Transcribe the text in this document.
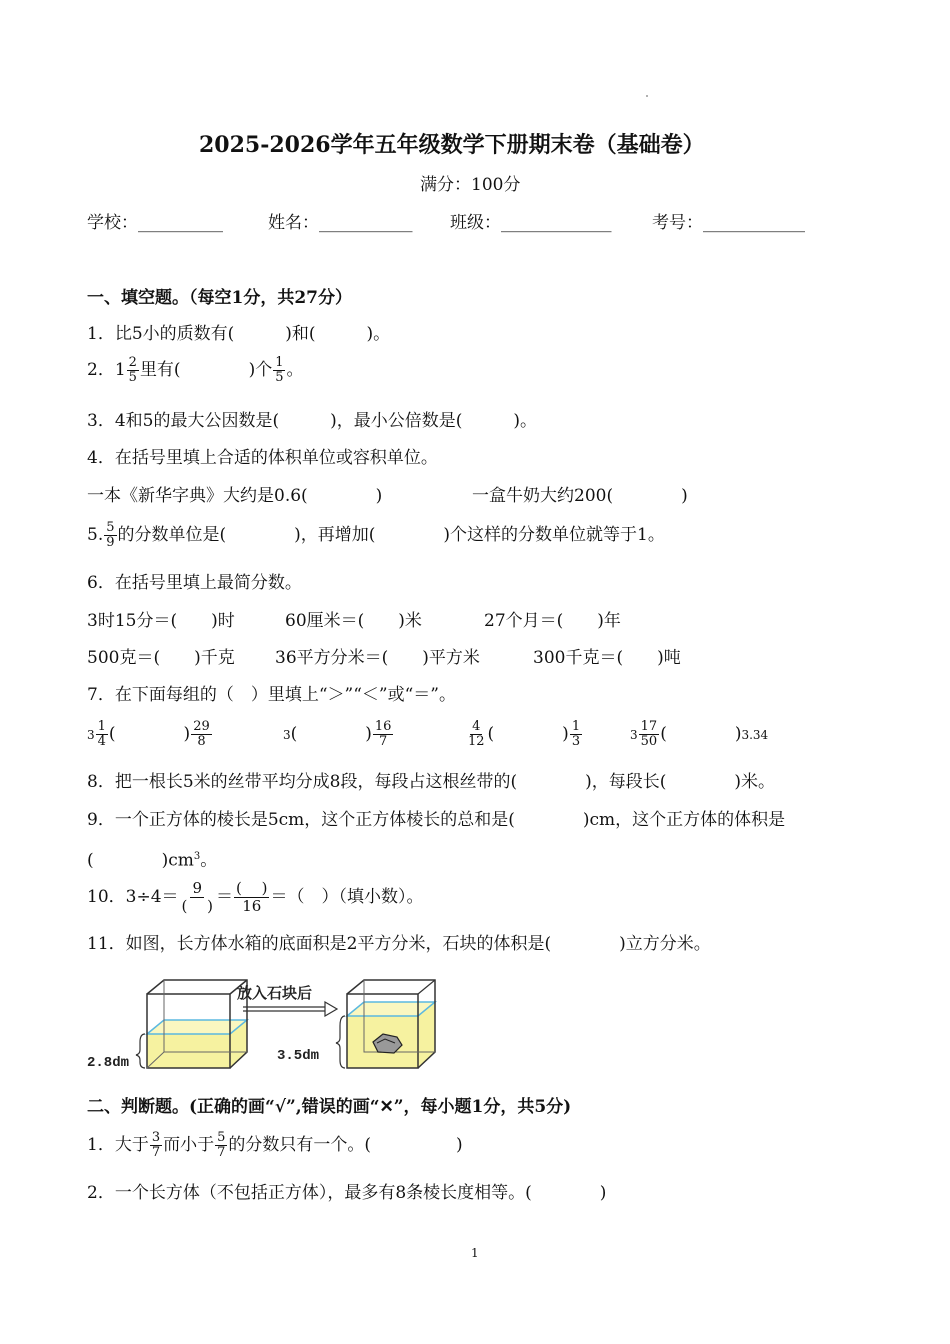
2025-2026学年五年级数学下册期末卷（基础卷）
满分：100分
学校：__________	姓名：___________ 班级：_____________ 考号：____________
一、填空题。（每空1分，共27分）
1．比5小的质数有(　　　)和(　　　)。
2．$1 \frac{2}{5}$ 里有(　　　　)个 $\frac{1}{5}$ 。
3．4和5的最大公因数是(　　　)，最小公倍数是(　　　)。
4．在括号里填上合适的体积单位或容积单位。
一本《新华字典》大约是0.6(　　　　)	一盒牛奶大约200(　　　　)
5. $\frac{5}{9}$ 的分数单位是(　　　　)，再增加(　　　　)个这样的分数单位就等于1。
6．在括号里填上最简分数。
3时15分＝(　　)时	60厘米＝(　　)米	27个月＝(　　)年
500克＝(　　)千克 36平方分米＝(　　)平方米	300千克＝(　　)吨
7．在下面每组的（　）里填上“＞”“＜”或“＝”。
$3 \frac{1}{4}$ (　　　　) $\frac{29}{8}$	3(　　　　) $\frac{16}{7}$	$\frac{4}{12}$ (　　　　) $\frac{1}{3}$	$3 \frac{17}{50}$ (　　　　)3.34
8．把一根长5米的丝带平均分成8段，每段占这根丝带的(　　　　)，每段长(　　　　)米。
9．一个正方体的棱长是5cm，这个正方体棱长的总和是(　　　　)cm，这个正方体的体积是
(　　　　)$cm^3$。
10．$3\div 4= \frac{9}{( )} = \frac{( )}{16}$ ＝（　）（填小数）。
11．如图，长方体水箱的底面积是2平方分米，石块的体积是(　　　　)立方分米。
2.8dm
放入石块后
3.5dm
二、判断题。(正确的画“√”,错误的画“✕”，每小题1分，共5分)
1．大于 $\frac{3}{7}$ 而小于 $\frac{5}{7}$ 的分数只有一个。(　　　　　)
2．一个长方体（不包括正方体），最多有8条棱长度相等。(　　　　)
1
